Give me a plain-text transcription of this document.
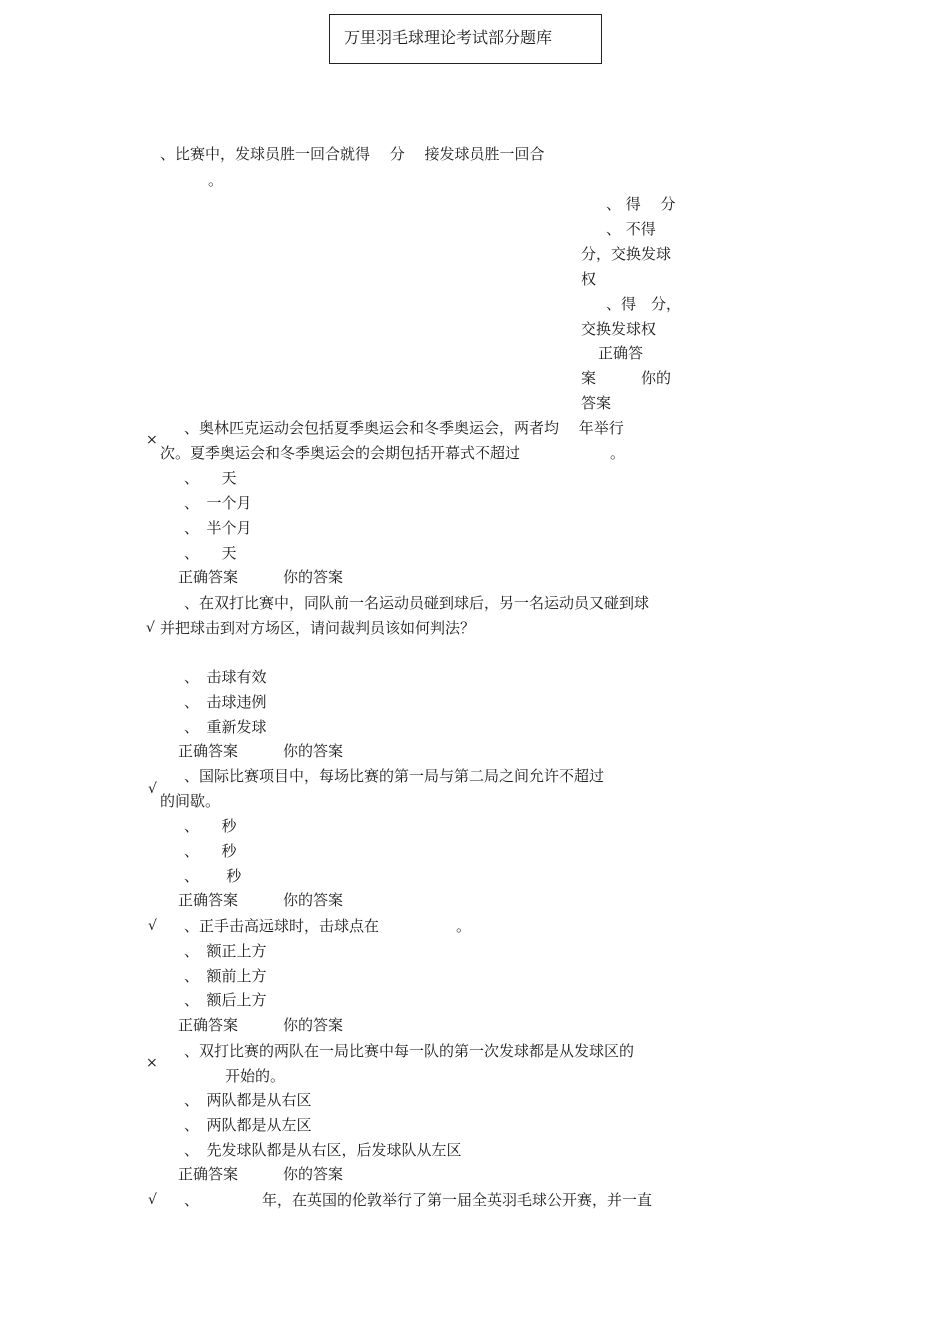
万里羽毛球理论考试部分题库
、比赛中，发球员胜一回合就得　 分　 接发球员胜一回合
。
、 得　 分
、 不得
分，交换发球
权
、得　分，
交换发球权
正确答
案　　　你的
答案
×
、奥林匹克运动会包括夏季奥运会和冬季奥运会，两者均　 年举行
次。夏季奥运会和冬季奥运会的会期包括开幕式不超过	。
、　　天
、　一个月
、　半个月
、　　天
正确答案　　　你的答案
、在双打比赛中，同队前一名运动员碰到球后，另一名运动员又碰到球
√ 并把球击到对方场区，请问裁判员该如何判法？
、　击球有效
、　击球违例
、　重新发球
正确答案　　　你的答案
√
、国际比赛项目中，每场比赛的第一局与第二局之间允许不超过
的间歇。
、　　秒
、　　秒
、　　 秒
正确答案　　　你的答案
√ 、正手击高远球时，击球点在	。
、　额正上方
、　额前上方
、　额后上方
正确答案　　　你的答案
×
、双打比赛的两队在一局比赛中每一队的第一次发球都是从发球区的
开始的。
、　两队都是从右区
、　两队都是从左区
、　先发球队都是从右区，后发球队从左区
正确答案　　　你的答案
√ 、	年，在英国的伦敦举行了第一届全英羽毛球公开赛，并一直
